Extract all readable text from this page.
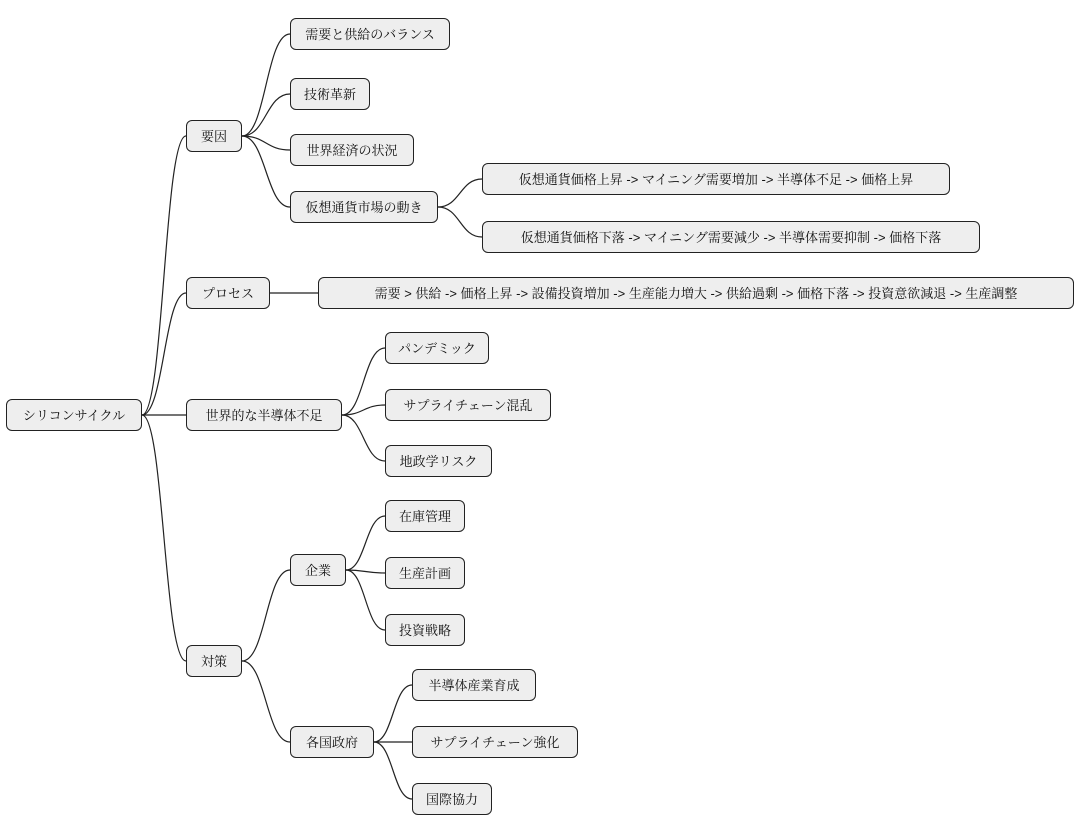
シリコンサイクル
要因
需要と供給のバランス
技術革新
世界経済の状況
仮想通貨市場の動き
仮想通貨価格上昇 -> マイニング需要増加 -> 半導体不足 -> 価格上昇
仮想通貨価格下落 -> マイニング需要減少 -> 半導体需要抑制 -> 価格下落
プロセス	需要 > 供給 -> 価格上昇 -> 設備投資増加 -> 生産能力増大 -> 供給過剰 -> 価格下落 -> 投資意欲減退 -> 生産調整
世界的な半導体不足
パンデミック
サプライチェーン混乱
地政学リスク
対策
企業
在庫管理
生産計画
投資戦略
各国政府
半導体産業育成
サプライチェーン強化
国際協力
